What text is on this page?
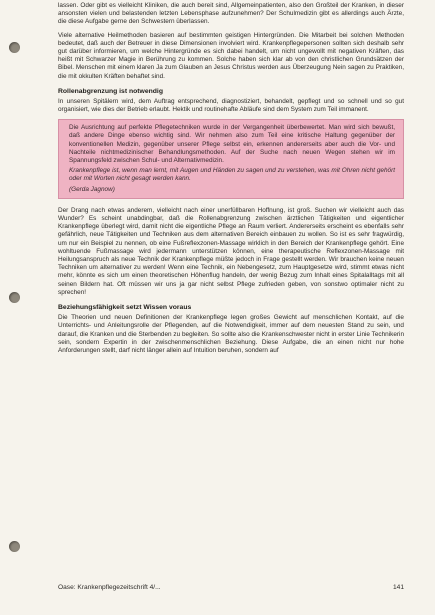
lassen. Oder gibt es vielleicht Kliniken, die auch bereit sind, Allgemeinpatienten, also den Großteil der Kranken, in dieser ansonsten vielen und belastenden letzten Lebensphase aufzunehmen? Der Schulmedizin gibt es allerdings auch Ärzte, die diese Aufgabe gerne den Schwestern überlassen.

Viele alternative Heilmethoden basieren auf bestimmten geistigen Hintergründen. Die Mitarbeit bei solchen Methoden bedeutet, daß auch der Betreuer in diese Dimensionen involviert wird. Krankenpflegepersonen sollten sich deshalb sehr gut darüber informieren, um welche Hintergründe es sich dabei handelt, um nicht ungewollt mit negativen Kräften, das heißt mit Schwarzer Magie in Berührung zu kommen. Solche haben sich klar ab von den christlichen Grundsätzen der Bibel. Menschen mit einem klaren Ja zum Glauben an Jesus Christus werden aus Überzeugung Nein sagen zu Praktiken, die mit okkulten Kräften behaftet sind.

Rollenabgrenzung ist notwendig

In unseren Spitälern wird, dem Auftrag entsprechend, diagnostiziert, behandelt, gepflegt und so schnell und so gut organisiert, wie dies der Betrieb erlaubt. Hektik und routinehafte Abläufe sind dem System zum Teil immanent.

Die Ausrichtung auf perfekte Pflegetechniken wurde in der Vergangenheit überbewertet. Man wird sich bewußt, daß andere Dinge ebenso wichtig sind. Wir nehmen also zum Teil eine kritische Haltung gegenüber der konventionellen Medizin, gegenüber unserer Pflege selbst ein, erkennen andererseits aber auch die Vor- und Nachteile nichtmedizinischer Behandlungsmethoden. Auf der Suche nach neuen Wegen stehen wir im Spannungsfeld zwischen Schul- und Alternativmedizin.

Krankenpflege ist, wenn man lernt, mit Augen und Händen zu sagen und zu verstehen, was mit Ohren nicht gehört oder mit Worten nicht gesagt werden kann.

(Gerda Jagnow)

Der Drang nach etwas anderem, vielleicht nach einer unerfüllbaren Hoffnung, ist groß. Suchen wir vielleicht auch das Wunder? Es scheint unabdingbar, daß die Rollenabgrenzung zwischen ärztlichen Tätigkeiten und eigentlicher Krankenpflege überlegt wird, damit nicht die eigentliche Pflege an Raum verliert. Andererseits erscheint es ebenfalls sehr gefährlich, neue Tätigkeiten und Techniken aus dem alternativen Bereich einbauen zu wollen. So ist es sehr fragwürdig, um nur ein Beispiel zu nennen, ob eine Fußreflexzonen-Massage wirklich in den Bereich der Krankenpflege gehört. Eine wohltuende Fußmassage wird jedermann unterstützen können, eine therapeutische Reflexzonen-Massage mit Heilungsanspruch als neue Technik der Krankenpflege müßte jedoch in Frage gestellt werden. Wir brauchen keine neuen Techniken um alternativer zu werden! Wenn eine Technik, ein Nebengesetz, zum Hauptgesetze wird, stimmt etwas nicht mehr, könnte es sich um einen theoretischen Höhenflug handeln, der wenig Bezug zum Inhalt eines Spitalalltags mit all seinen Bildern hat. Oft müssen wir uns ja gar nicht selbst Pflege zufrieden geben, von sonstwo optimaler nicht zu sprechen!

Beziehungsfähigkeit setzt Wissen voraus

Die Theorien und neuen Definitionen der Krankenpflege legen großes Gewicht auf menschlichen Kontakt, auf die Unterrichts- und Anleitungsrolle der Pflegenden, auf die Notwendigkeit, immer auf dem neuesten Stand zu sein, und darauf, die Kranken und die Sterbenden zu begleiten. So sollte also die Krankenschwester nicht in erster Linie Technikerin sein, sondern Expertin in der zwischenmenschlichen Beziehung. Diese Aufgabe, die an einen nicht nur hohe Anforderungen stellt, darf nicht länger allein auf Intuition beruhen, sondern auf

Oase: Krankenpflegezeitschrift 4/...	141
